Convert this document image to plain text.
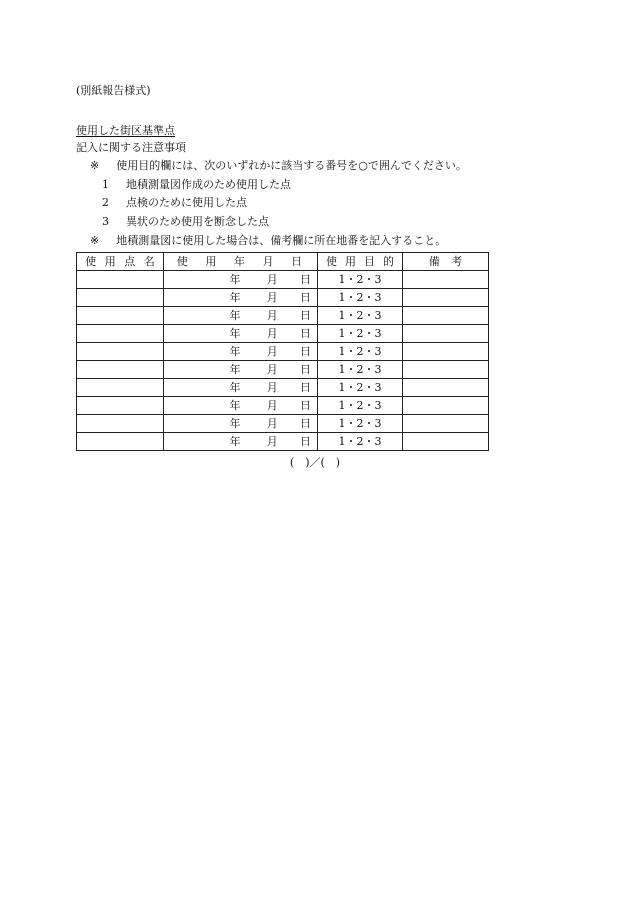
(別紙報告様式)
使用した街区基準点
記入に関する注意事項
※ 使用目的欄には、次のいずれかに該当する番号を○で囲んでください。
1 地積測量図作成のため使用した点
2 点検のために使用した点
3 異状のため使用を断念した点
※ 地積測量図に使用した場合は、備考欄に所在地番を記入すること。
使 用 点 名	使 用 年 月 日	使 用 目 的	備 考

	年 月 日	1・2・3	

	年 月 日	1・2・3	

	年 月 日	1・2・3	

	年 月 日	1・2・3	

	年 月 日	1・2・3	

	年 月 日	1・2・3	

	年 月 日	1・2・3	

	年 月 日	1・2・3	

	年 月 日	1・2・3	

	年 月 日	1・2・3	
(　)／(　)
